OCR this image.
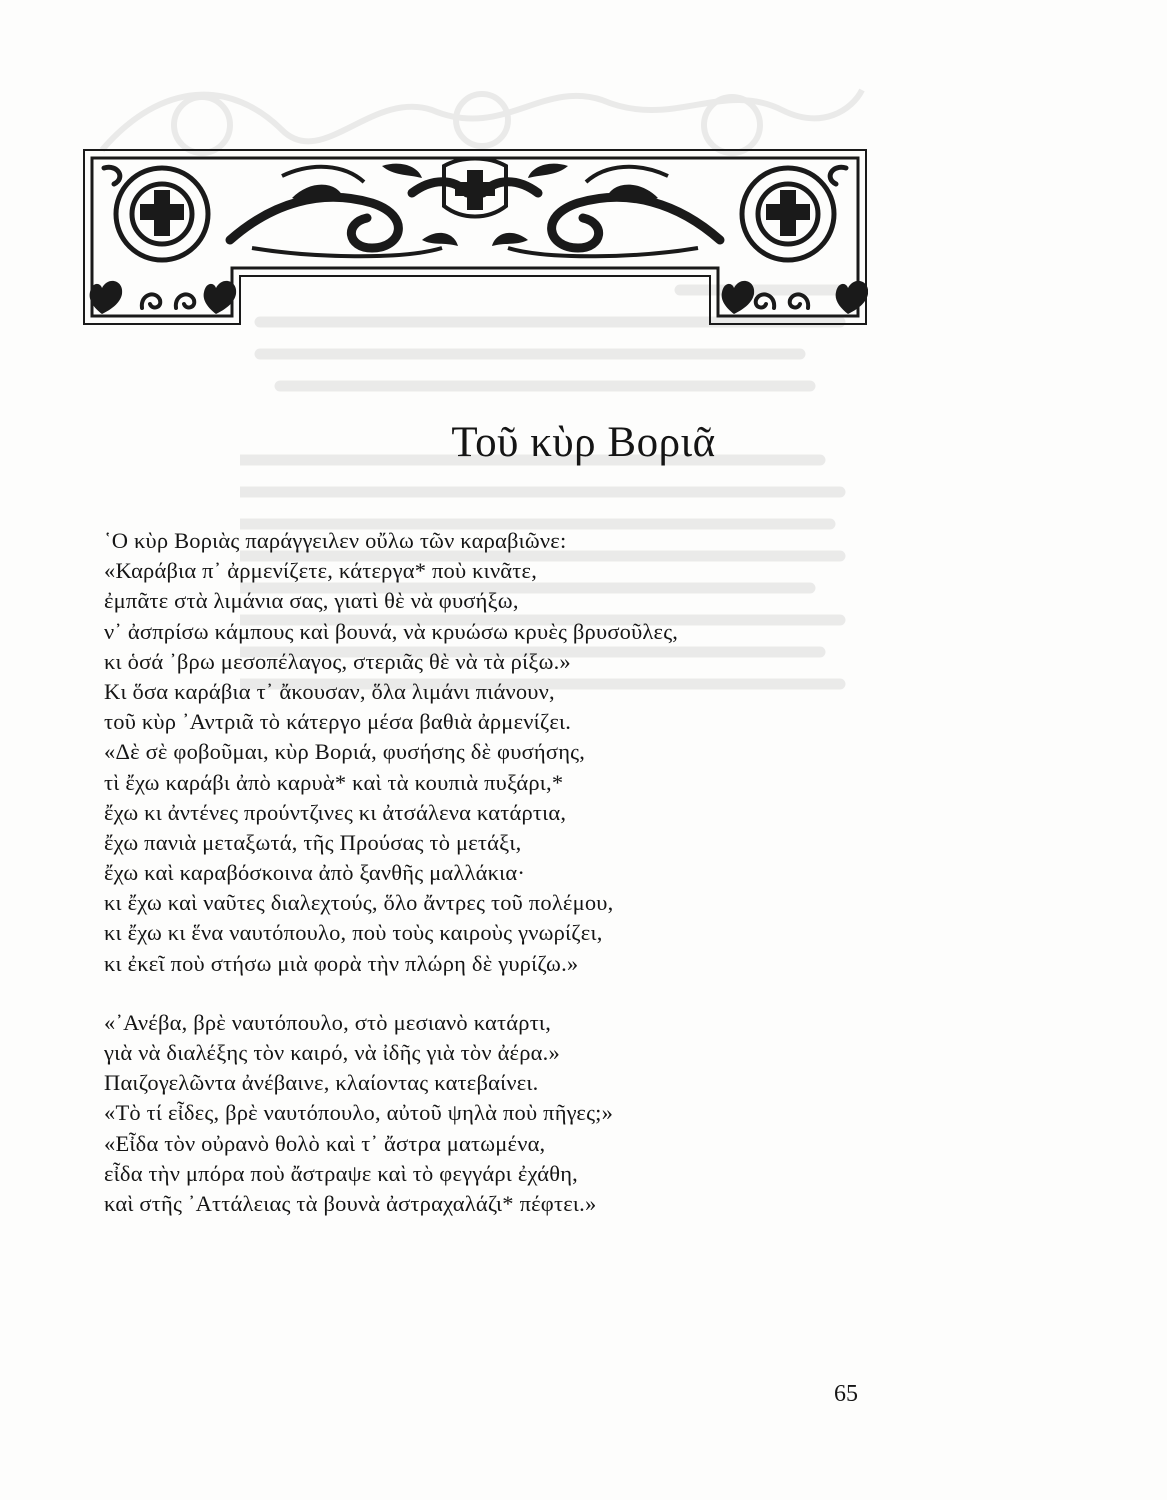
Τοῦ κὺρ Βοριᾶ
῾Ο κὺρ Βοριὰς παράγγειλεν οὔλω τῶν καραβιῶνε:
«Καράβια π᾽ ἀρμενίζετε, κάτεργα* ποὺ κινᾶτε,
ἐμπᾶτε στὰ λιμάνια σας, γιατὶ θὲ νὰ φυσήξω,
ν᾽ ἀσπρίσω κάμπους καὶ βουνά, νὰ κρυώσω κρυὲς βρυσοῦλες,
κι ὁσά ᾽βρω μεσοπέλαγος, στεριᾶς θὲ νὰ τὰ ρίξω.»
Κι ὅσα καράβια τ᾽ ἄκουσαν, ὅλα λιμάνι πιάνουν,
τοῦ κὺρ ᾽Αντριᾶ τὸ κάτεργο μέσα βαθιὰ ἀρμενίζει.
«Δὲ σὲ φοβοῦμαι, κὺρ Βοριά, φυσήσης δὲ φυσήσης,
τὶ ἔχω καράβι ἀπὸ καρυὰ* καὶ τὰ κουπιὰ πυξάρι,*
ἔχω κι ἀντένες προύντζινες κι ἀτσάλενα κατάρτια,
ἔχω πανιὰ μεταξωτά, τῆς Προύσας τὸ μετάξι,
ἔχω καὶ καραβόσκοινα ἀπὸ ξανθῆς μαλλάκια·
κι ἔχω καὶ ναῦτες διαλεχτούς, ὅλο ἄντρες τοῦ πολέμου,
κι ἔχω κι ἕνα ναυτόπουλο, ποὺ τοὺς καιροὺς γνωρίζει,
κι ἐκεῖ ποὺ στήσω μιὰ φορὰ τὴν πλώρη δὲ γυρίζω.»
«᾽Ανέβα, βρὲ ναυτόπουλο, στὸ μεσιανὸ κατάρτι,
γιὰ νὰ διαλέξης τὸν καιρό, νὰ ἰδῆς γιὰ τὸν ἀέρα.»
Παιζογελῶντα ἀνέβαινε, κλαίοντας κατεβαίνει.
«Τὸ τί εἶδες, βρὲ ναυτόπουλο, αὐτοῦ ψηλὰ ποὺ πῆγες;»
«Εἶδα τὸν οὐρανὸ θολὸ καὶ τ᾽ ἄστρα ματωμένα,
εἶδα τὴν μπόρα ποὺ ἄστραψε καὶ τὸ φεγγάρι ἐχάθη,
καὶ στῆς ᾽Αττάλειας τὰ βουνὰ ἀστραχαλάζι* πέφτει.»
65
